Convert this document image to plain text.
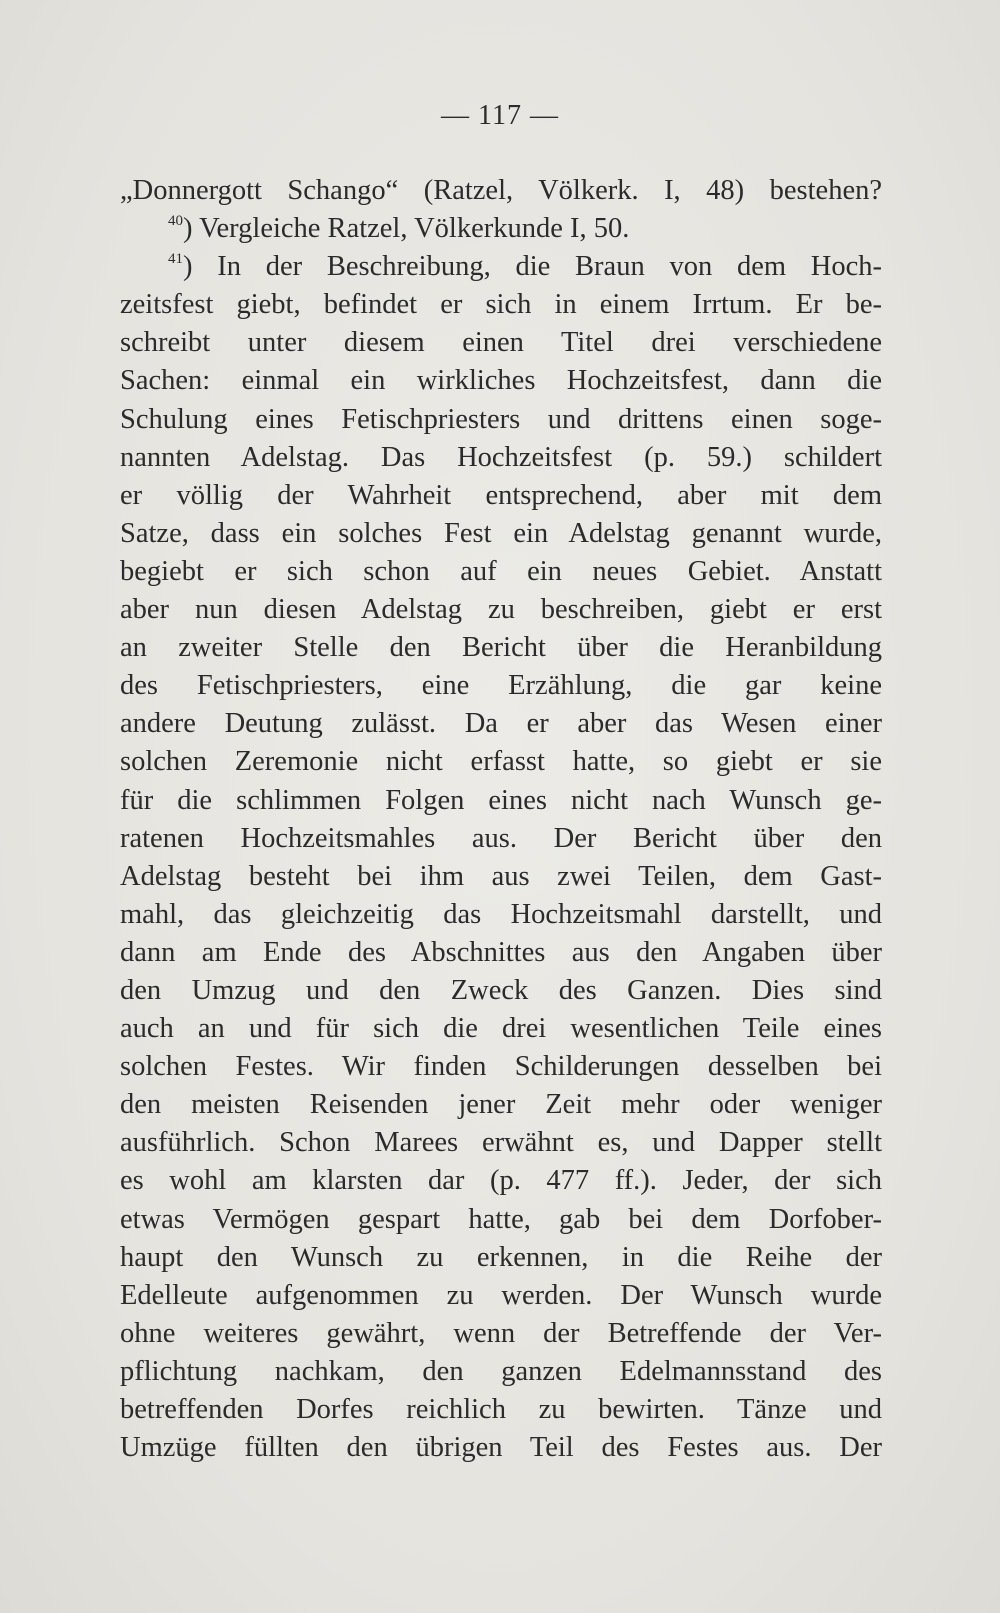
— 117 —
„Donnergott Schango“ (Ratzel, Völkerk. I, 48) bestehen?
$^{40}$) Vergleiche Ratzel, Völkerkunde I, 50.
$^{41}$) In der Beschreibung, die Braun von dem Hoch-
zeitsfest giebt, befindet er sich in einem Irrtum. Er be-
schreibt unter diesem einen Titel drei verschiedene
Sachen: einmal ein wirkliches Hochzeitsfest, dann die
Schulung eines Fetischpriesters und drittens einen soge-
nannten Adelstag. Das Hochzeitsfest (p. 59.) schildert
er völlig der Wahrheit entsprechend, aber mit dem
Satze, dass ein solches Fest ein Adelstag genannt wurde,
begiebt er sich schon auf ein neues Gebiet. Anstatt
aber nun diesen Adelstag zu beschreiben, giebt er erst
an zweiter Stelle den Bericht über die Heranbildung
des Fetischpriesters, eine Erzählung, die gar keine
andere Deutung zulässt. Da er aber das Wesen einer
solchen Zeremonie nicht erfasst hatte, so giebt er sie
für die schlimmen Folgen eines nicht nach Wunsch ge-
ratenen Hochzeitsmahles aus. Der Bericht über den
Adelstag besteht bei ihm aus zwei Teilen, dem Gast-
mahl, das gleichzeitig das Hochzeitsmahl darstellt, und
dann am Ende des Abschnittes aus den Angaben über
den Umzug und den Zweck des Ganzen. Dies sind
auch an und für sich die drei wesentlichen Teile eines
solchen Festes. Wir finden Schilderungen desselben bei
den meisten Reisenden jener Zeit mehr oder weniger
ausführlich. Schon Marees erwähnt es, und Dapper stellt
es wohl am klarsten dar (p. 477 ff.). Jeder, der sich
etwas Vermögen gespart hatte, gab bei dem Dorfober-
haupt den Wunsch zu erkennen, in die Reihe der
Edelleute aufgenommen zu werden. Der Wunsch wurde
ohne weiteres gewährt, wenn der Betreffende der Ver-
pflichtung nachkam, den ganzen Edelmannsstand des
betreffenden Dorfes reichlich zu bewirten. Tänze und
Umzüge füllten den übrigen Teil des Festes aus. Der
